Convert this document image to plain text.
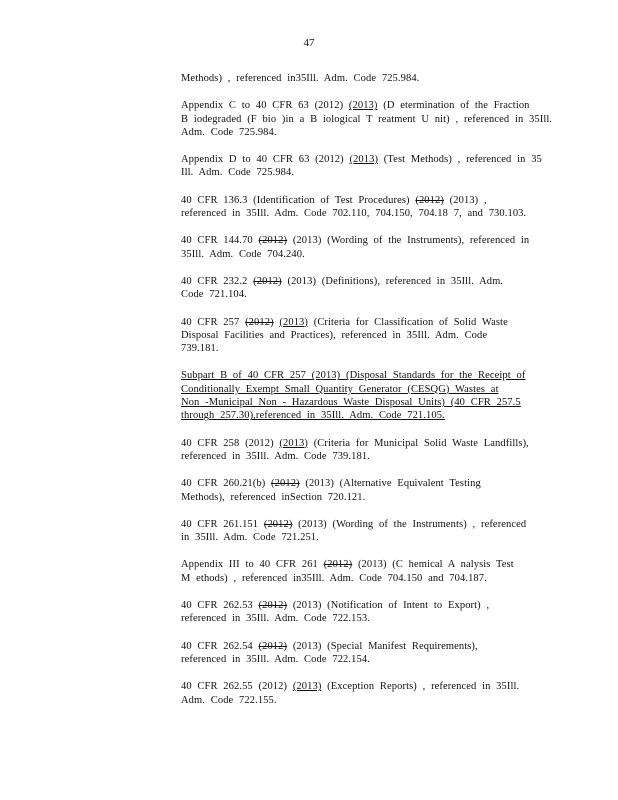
47
Methods) , referenced in35Ill. Adm. Code 725.984.
Appendix C to 40 CFR 63 (2012) (2013) (D etermination of the Fraction
B iodegraded (F bio )in a B iological T reatment U nit) , referenced in 35Ill.
Adm. Code 725.984.
Appendix D to 40 CFR 63 (2012) (2013) (Test Methods) , referenced in 35
Ill. Adm. Code 725.984.
40 CFR 136.3 (Identification of Test Procedures) (2012) (2013) ,
referenced in 35Ill. Adm. Code 702.110, 704.150, 704.18 7, and 730.103.
40 CFR 144.70 (2012) (2013) (Wording of the Instruments), referenced in
35Ill. Adm. Code 704.240.
40 CFR 232.2 (2012) (2013) (Definitions), referenced in 35Ill. Adm.
Code 721.104.
40 CFR 257 (2012) (2013) (Criteria for Classification of Solid Waste
Disposal Facilities and Practices), referenced in 35Ill. Adm. Code
739.181.
Subpart B of 40 CFR 257 (2013) (Disposal Standards for the Receipt of
Conditionally Exempt Small Quantity Generator (CESQG) Wastes at
Non -Municipal Non - Hazardous Waste Disposal Units) (40 CFR 257.5
through 257.30),referenced in 35Ill. Adm. Code 721.105.
40 CFR 258 (2012) (2013) (Criteria for Municipal Solid Waste Landfills),
referenced in 35Ill. Adm. Code 739.181.
40 CFR 260.21(b) (2012) (2013) (Alternative Equivalent Testing
Methods), referenced inSection 720.121.
40 CFR 261.151 (2012) (2013) (Wording of the Instruments) , referenced
in 35Ill. Adm. Code 721.251.
Appendix III to 40 CFR 261 (2012) (2013) (C hemical A nalysis Test
M ethods) , referenced in35Ill. Adm. Code 704.150 and 704.187.
40 CFR 262.53 (2012) (2013) (Notification of Intent to Export) ,
referenced in 35Ill. Adm. Code 722.153.
40 CFR 262.54 (2012) (2013) (Special Manifest Requirements),
referenced in 35Ill. Adm. Code 722.154.
40 CFR 262.55 (2012) (2013) (Exception Reports) , referenced in 35Ill.
Adm. Code 722.155.
